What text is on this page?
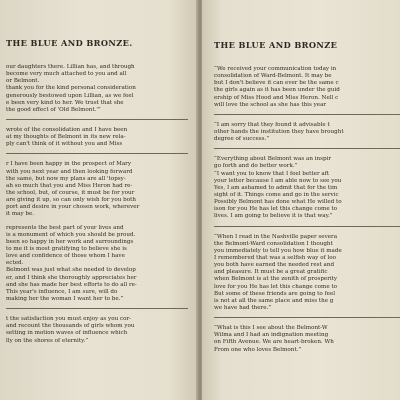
THE BLUE AND BRONZE.
our daughters there. Lillian has, and through
become very much attached to you and all
or Belmont.
thank you for the kind personal consideration
generously bestowed upon Lillian, as we feel
e been very kind to her. We trust that she
the good effect of 'Old Belmont.'”
wrote of the consolidation and I have been
at my thoughts of Belmont in its new rela-
ply can't think of it without you and Miss
r I have been happy in the prospect of Mary
with you next year and then looking forward
the same, but now my plans are all 'topsy-
ah so much that you and Miss Heron had re-
the school, but, of course, it must be for your
are giving it up, so can only wish for you both
port and desire in your chosen work, wherever
it may be.
represents the best part of your lives and
is a monument of which you should be proud.
been so happy in her work and surroundings
to me it is most gratifying to believe she is
love and confidence of those whom I have
ected.
Belmont was just what she needed to develop
er, and I think she thoroughly appreciates her
and she has made her best efforts to do all re-
This year's influence, I am sure, will do
making her the woman I want her to be.”
t the satisfaction you must enjoy as you cor-
and recount the thousands of girls whom you
setting in motion waves of influence which
lly on the shores of eternity.”
THE BLUE AND BRONZE
“We received your communication today in
consolidation of Ward-Belmont. It may be
but I don't believe it can ever be the same c
the girls again as it has been under the guid
ership of Miss Hood and Miss Heron. Nell c
will love the school as she has this year
“I am sorry that they found it advisable t
other hands the institution they have brought
degree of success.”
“Everything about Belmont was an inspir
go forth and do better work.”
“I want you to know that I feel better aft
your letter because I am able now to see you
Yes, I am ashamed to admit that for the tim
sight of it. Things come and go in the servic
Possibly Belmont has done what He willed to
ison for you He has let this change come to
lives. I am going to believe it is that way.”
“When I read in the Nashville paper severa
the Belmont-Ward consolidation I thought
you immediately to tell you how blue it made
I remembered that was a selfish way of loo
you both have earned the needed rest and
and pleasure. It must be a great gratific
when Belmont is at the zenith of prosperity
love for you He has let this change come to
But some of these friends are going to feel
is not at all the same place and miss the g
we have had there.”
“What is this I see about the Belmont-W
Wilma and I had an indignation meeting
on Fifth Avenue. We are heart-broken. Wh
From one who loves Belmont.”
